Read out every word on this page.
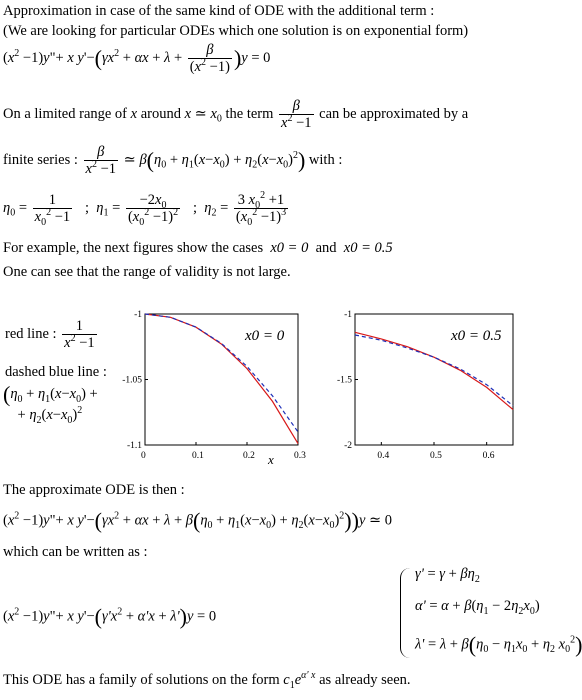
Approximation in case of the same kind of ODE with the additional term :
(We are looking for particular ODEs which one solution is on exponential form)
($x^2$ −1)y"+ x $y'-(\gamma x^2 + \alpha x + \lambda + \frac{\beta}{(x^2 -1)} )y = 0$
On a limited range of x around x ≃ $x_0$ the term $\frac{\beta}{x^2 -1}$ can be approximated by a
finite series : $\frac{\beta}{x^2 -1}$ ≃ $\beta(\eta_0 + \eta_1(x-x_0) + \eta_2(x-x_0)^2)$ with :
$\eta_0 = \frac{1}{x_0^2 -1}$ ;  $\eta_1 = \frac{-2x_0}{(x_0^2 -1)^2}$ ;  $\eta_2 = \frac{3 x_0^2 +1}{(x_0^2 -1)^3}$
For example, the next figures show the cases x0 = 0 and x0 = 0.5
One can see that the range of validity is not large.
red line : $\frac{1}{x^2 -1}$
dashed blue line :
($\eta_0 + \eta_1(x-x_0)$ +
+ $\eta_2(x-x_0)^2$
0	0.1	0.2	0.3
-1
-1.05
-1.1
x0 = 0
x	0.4	0.5	0.6
-1
-1.5
-2
x0 = 0.5
The approximate ODE is then :
($x^2$ −1)y"+ x $y'-(\gamma x^2 + \alpha x + \lambda + \beta(\eta_0 + \eta_1(x-x_0) + \eta_2(x-x_0)^2))y$ ≃ 0
which can be written as :
($x^2$ −1)y"+ x $y'-(\gamma'x^2 + \alpha'x + \lambda')y = 0$
$\gamma' = \gamma + \beta\eta_2$
$\alpha' = \alpha + \beta(\eta_1 - 2\eta_2x_0)$
$\lambda' = \lambda + \beta(\eta_0 - \eta_1x_0 + \eta_2$ $x_0^2$)
This ODE has a family of solutions on the form $c_1e^{\alpha' x}$ as already seen.
